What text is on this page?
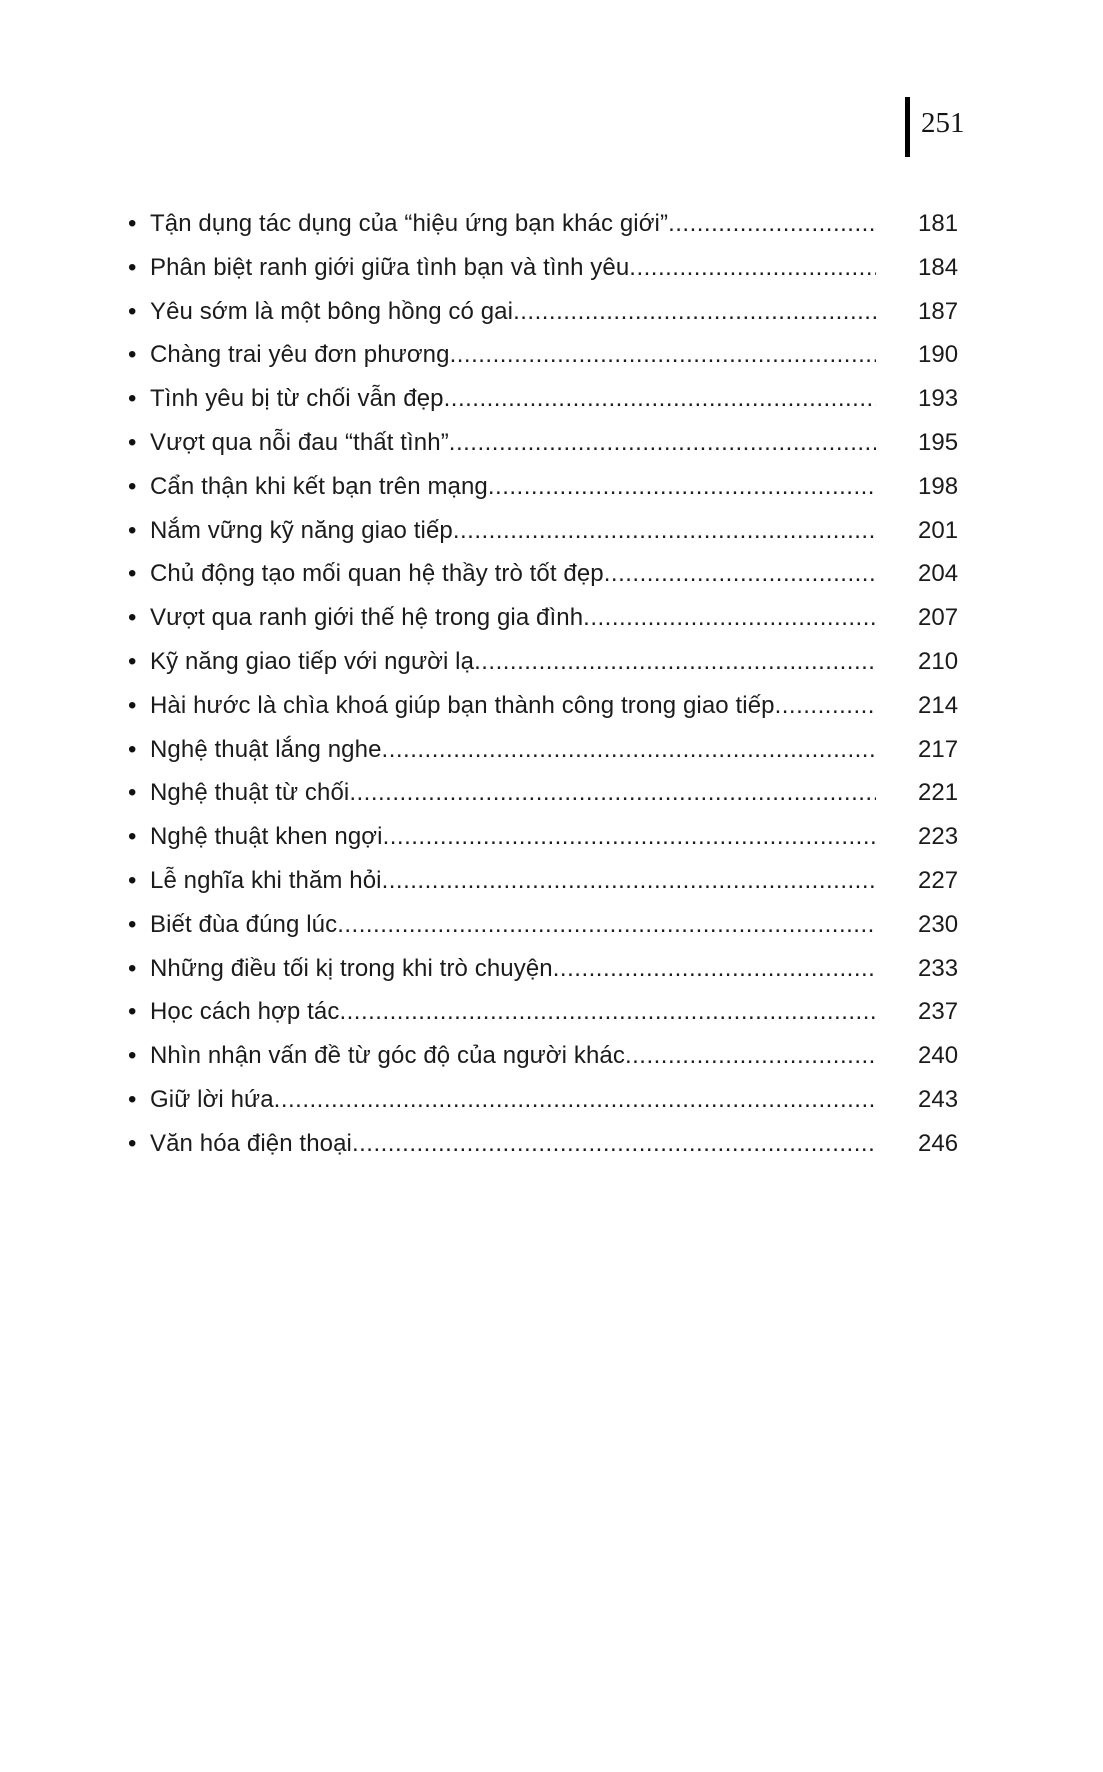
251
• Tận dụng tác dụng của “hiệu ứng bạn khác giới” .....	181
• Phân biệt ranh giới giữa tình bạn và tình yêu .....	184
• Yêu sớm là một bông hồng có gai .....	187
• Chàng trai yêu đơn phương .....	190
• Tình yêu bị từ chối vẫn đẹp .....	193
• Vượt qua nỗi đau “thất tình” .....	195
• Cẩn thận khi kết bạn trên mạng .....	198
• Nắm vững kỹ năng giao tiếp .....	201
• Chủ động tạo mối quan hệ thầy trò tốt đẹp .....	204
• Vượt qua ranh giới thế hệ trong gia đình .....	207
• Kỹ năng giao tiếp với người lạ .....	210
• Hài hước là chìa khoá giúp bạn thành công trong giao tiếp .....	214
• Nghệ thuật lắng nghe .....	217
• Nghệ thuật từ chối .....	221
• Nghệ thuật khen ngợi .....	223
• Lễ nghĩa khi thăm hỏi .....	227
• Biết đùa đúng lúc .....	230
• Những điều tối kị trong khi trò chuyện .....	233
• Học cách hợp tác .....	237
• Nhìn nhận vấn đề từ góc độ của người khác .....	240
• Giữ lời hứa .....	243
• Văn hóa điện thoại .....	246
